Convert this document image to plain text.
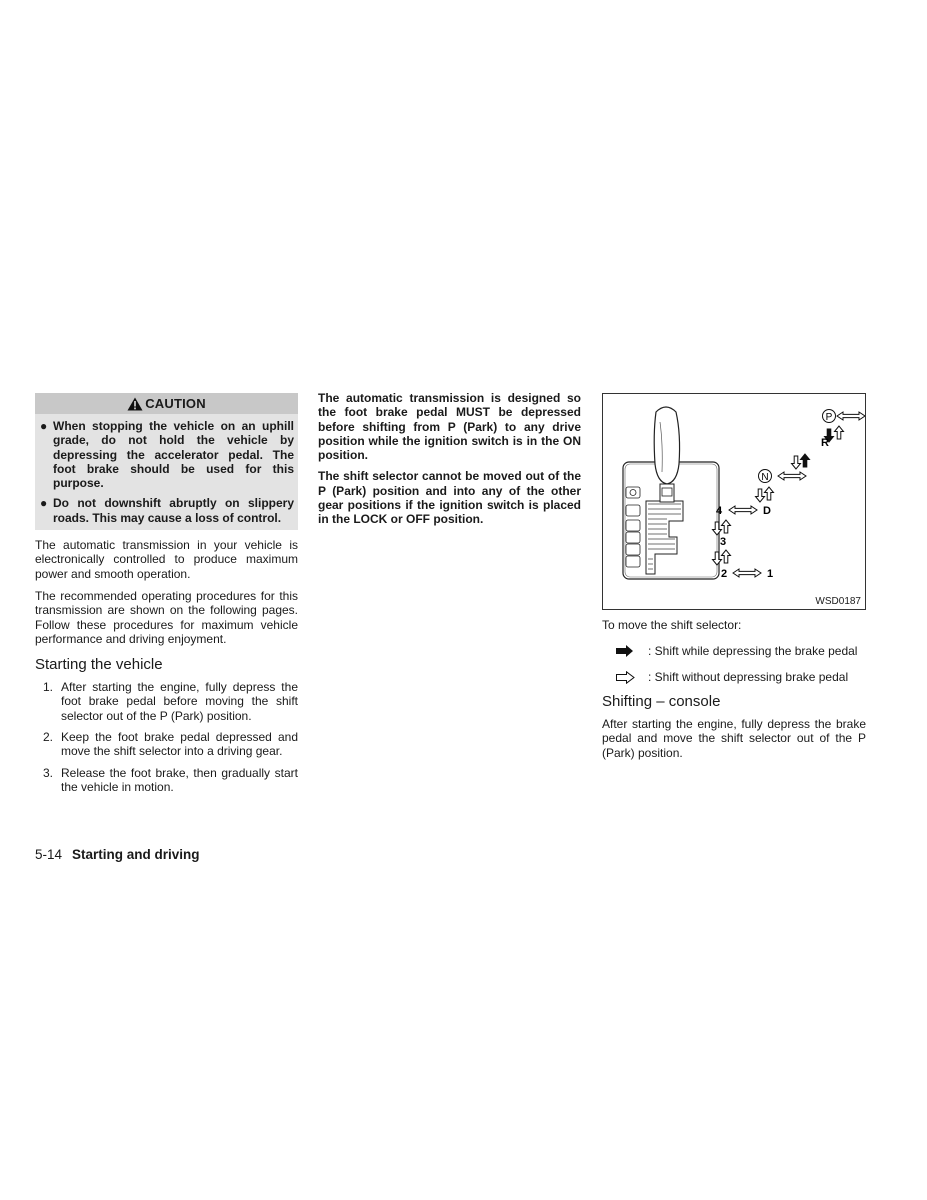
CAUTION
● When stopping the vehicle on an uphill grade, do not hold the vehicle by depressing the accelerator pedal. The foot brake should be used for this purpose.
● Do not downshift abruptly on slippery roads. This may cause a loss of control.

The automatic transmission in your vehicle is electronically controlled to produce maximum power and smooth operation.

The recommended operating procedures for this transmission are shown on the following pages. Follow these procedures for maximum vehicle performance and driving enjoyment.

Starting the vehicle
1. After starting the engine, fully depress the foot brake pedal before moving the shift selector out of the P (Park) position.
2. Keep the foot brake pedal depressed and move the shift selector into a driving gear.
3. Release the foot brake, then gradually start the vehicle in motion.

The automatic transmission is designed so the foot brake pedal MUST be depressed before shifting from P (Park) to any drive position while the ignition switch is in the ON position.

The shift selector cannot be moved out of the P (Park) position and into any of the other gear positions if the ignition switch is placed in the LOCK or OFF position.

P
R
N
4	D
3
2	1
WSD0187
To move the shift selector:
: Shift while depressing the brake pedal
: Shift without depressing brake pedal
Shifting – console

After starting the engine, fully depress the brake pedal and move the shift selector out of the P (Park) position.

5-14 Starting and driving
